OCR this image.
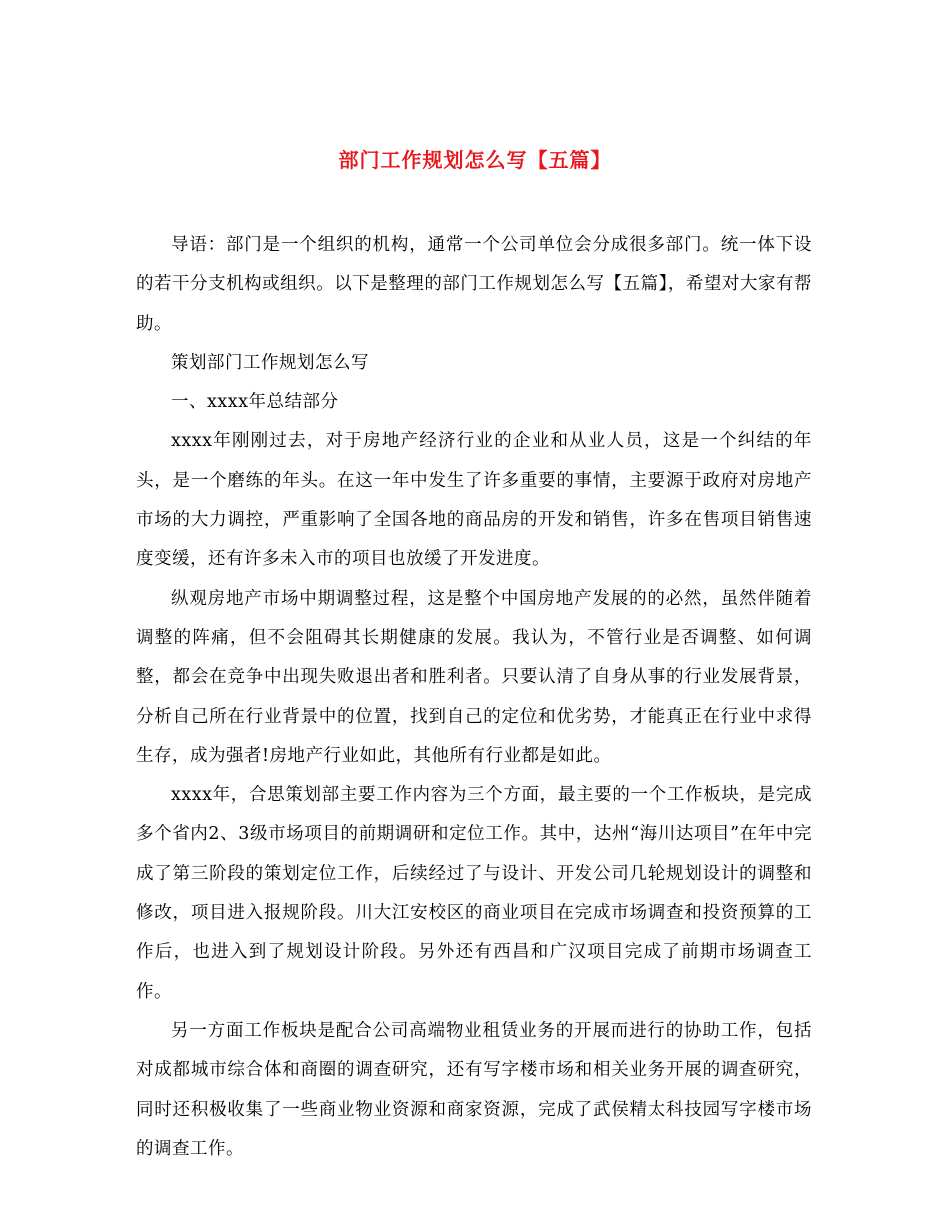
部门工作规划怎么写【五篇】

导语：部门是一个组织的机构，通常一个公司单位会分成很多部门。统一体下设的若干分支机构或组织。以下是整理的部门工作规划怎么写【五篇】，希望对大家有帮助。

策划部门工作规划怎么写

一、xxxx年总结部分

xxxx年刚刚过去，对于房地产经济行业的企业和从业人员，这是一个纠结的年头，是一个磨练的年头。在这一年中发生了许多重要的事情，主要源于政府对房地产市场的大力调控，严重影响了全国各地的商品房的开发和销售，许多在售项目销售速度变缓，还有许多未入市的项目也放缓了开发进度。

纵观房地产市场中期调整过程，这是整个中国房地产发展的的必然，虽然伴随着调整的阵痛，但不会阻碍其长期健康的发展。我认为，不管行业是否调整、如何调整，都会在竞争中出现失败退出者和胜利者。只要认清了自身从事的行业发展背景，分析自己所在行业背景中的位置，找到自己的定位和优劣势，才能真正在行业中求得生存，成为强者!房地产行业如此，其他所有行业都是如此。

xxxx年，合思策划部主要工作内容为三个方面，最主要的一个工作板块，是完成多个省内2、3级市场项目的前期调研和定位工作。其中，达州“海川达项目”在年中完成了第三阶段的策划定位工作，后续经过了与设计、开发公司几轮规划设计的调整和修改，项目进入报规阶段。川大江安校区的商业项目在完成市场调查和投资预算的工作后，也进入到了规划设计阶段。另外还有西昌和广汉项目完成了前期市场调查工作。

另一方面工作板块是配合公司高端物业租赁业务的开展而进行的协助工作，包括对成都城市综合体和商圈的调查研究，还有写字楼市场和相关业务开展的调查研究，同时还积极收集了一些商业物业资源和商家资源，完成了武侯精太科技园写字楼市场的调查工作。
